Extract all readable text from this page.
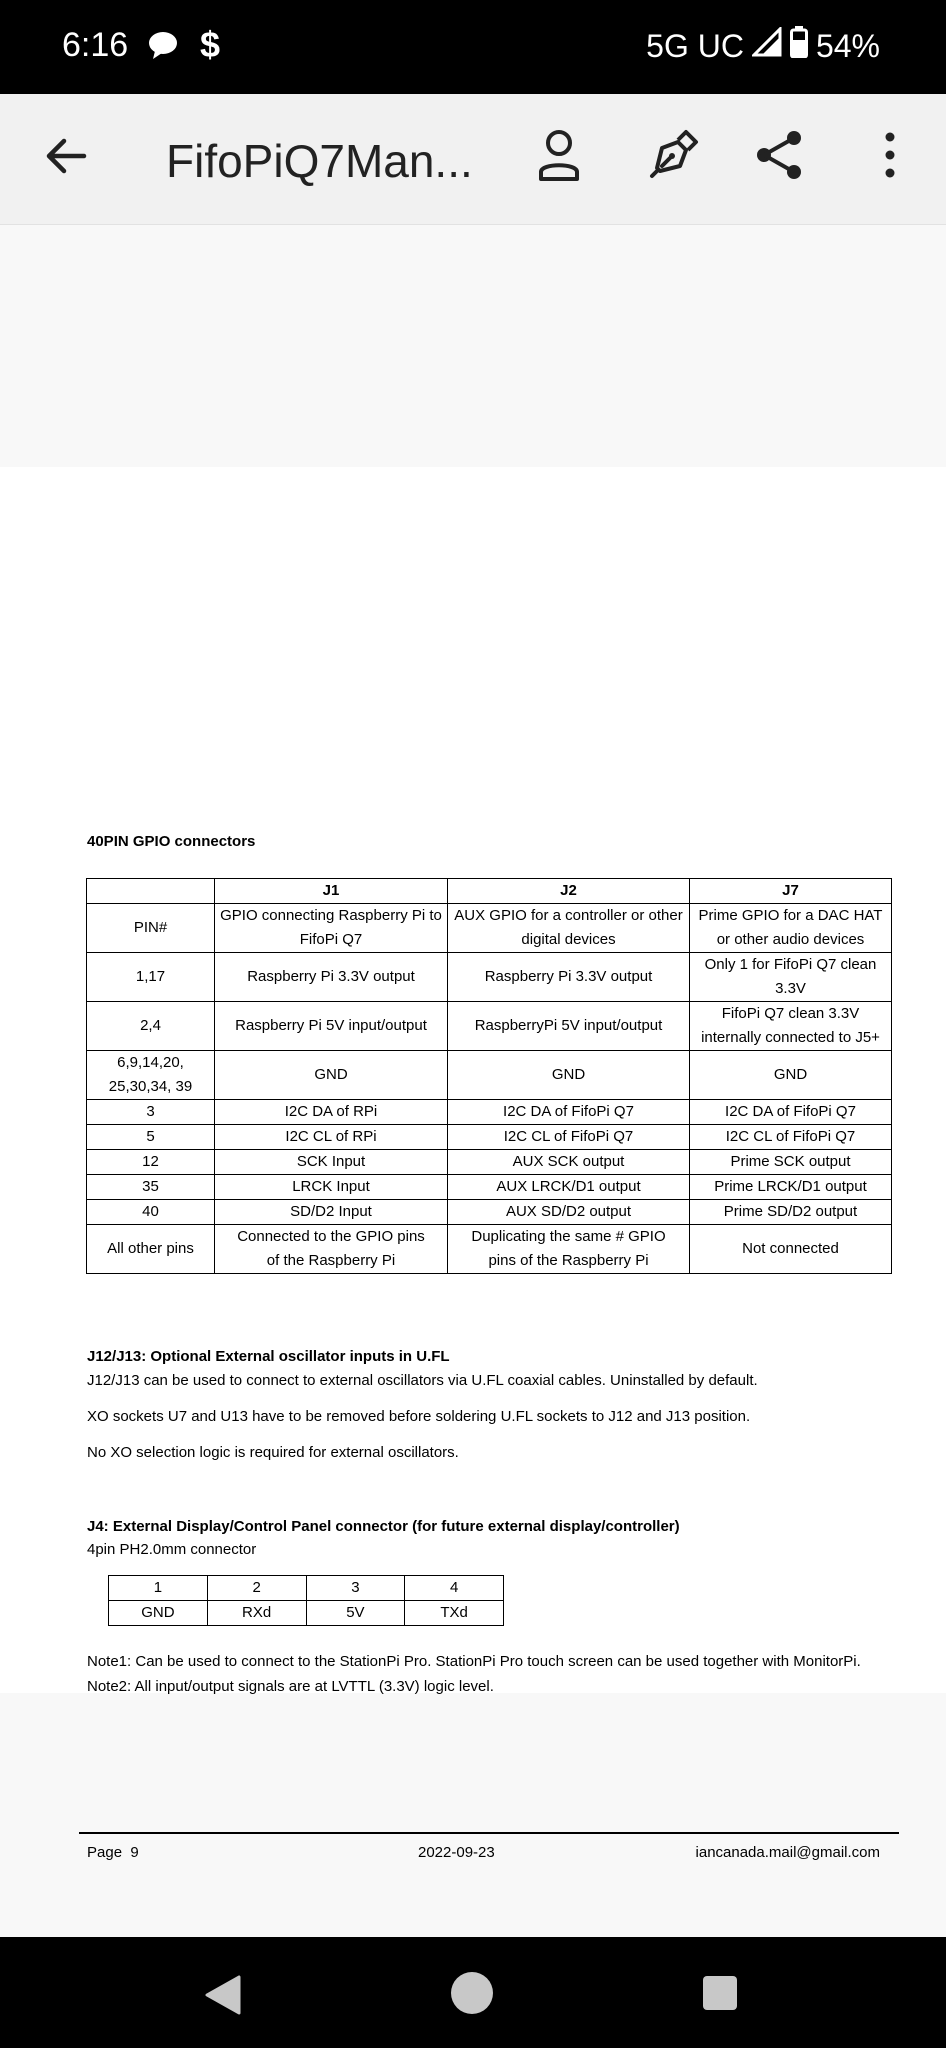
6:16 $	5G UC 54%
FifoPiQ7Man...
40PIN GPIO connectors
	J1	J2	J7
PIN#	GPIO connecting Raspberry Pi to FifoPi Q7	AUX GPIO for a controller or other digital devices	Prime GPIO for a DAC HAT or other audio devices
1,17	Raspberry Pi 3.3V output	Raspberry Pi 3.3V output	Only 1 for FifoPi Q7 clean 3.3V
2,4	Raspberry Pi 5V input/output	RaspberryPi 5V input/output	FifoPi Q7 clean 3.3V internally connected to J5+
6,9,14,20, 25,30,34, 39	GND	GND	GND
3	I2C DA of RPi	I2C DA of FifoPi Q7	I2C DA of FifoPi Q7
5	I2C CL of RPi	I2C CL of FifoPi Q7	I2C CL of FifoPi Q7
12	SCK Input	AUX SCK output	Prime SCK output
35	LRCK Input	AUX LRCK/D1 output	Prime LRCK/D1 output
40	SD/D2 Input	AUX SD/D2 output	Prime SD/D2 output
All other pins	Connected to the GPIO pins of the Raspberry Pi	Duplicating the same # GPIO pins of the Raspberry Pi	Not connected
J12/J13: Optional External oscillator inputs in U.FL
J12/J13 can be used to connect to external oscillators via U.FL coaxial cables. Uninstalled by default.
XO sockets U7 and U13 have to be removed before soldering U.FL sockets to J12 and J13 position.
No XO selection logic is required for external oscillators.
J4: External Display/Control Panel connector (for future external display/controller)
4pin PH2.0mm connector
1	2	3	4
GND	RXd	5V	TXd
Note1: Can be used to connect to the StationPi Pro. StationPi Pro touch screen can be used together with MonitorPi.
Note2: All input/output signals are at LVTTL (3.3V) logic level.
Page  9	2022-09-23	iancanada.mail@gmail.com
